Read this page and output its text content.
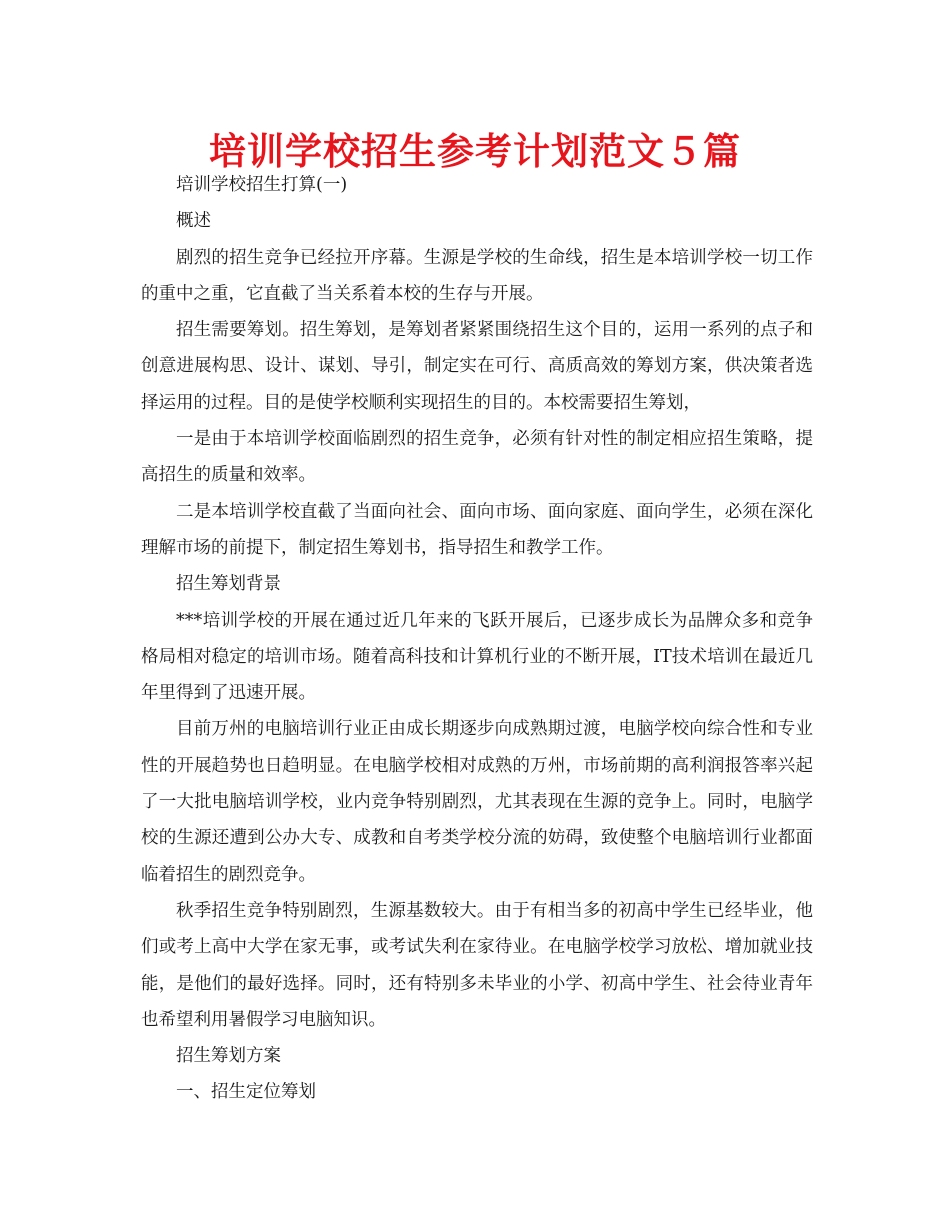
培训学校招生参考计划范文５篇

培训学校招生打算(一)

概述

剧烈的招生竞争已经拉开序幕。生源是学校的生命线，招生是本培训学校一切工作的重中之重，它直截了当关系着本校的生存与开展。

招生需要筹划。招生筹划，是筹划者紧紧围绕招生这个目的，运用一系列的点子和创意进展构思、设计、谋划、导引，制定实在可行、高质高效的筹划方案，供决策者选择运用的过程。目的是使学校顺利实现招生的目的。本校需要招生筹划，

一是由于本培训学校面临剧烈的招生竞争，必须有针对性的制定相应招生策略，提高招生的质量和效率。

二是本培训学校直截了当面向社会、面向市场、面向家庭、面向学生，必须在深化理解市场的前提下，制定招生筹划书，指导招生和教学工作。

招生筹划背景

***培训学校的开展在通过近几年来的飞跃开展后，已逐步成长为品牌众多和竞争格局相对稳定的培训市场。随着高科技和计算机行业的不断开展，IT技术培训在最近几年里得到了迅速开展。

目前万州的电脑培训行业正由成长期逐步向成熟期过渡，电脑学校向综合性和专业性的开展趋势也日趋明显。在电脑学校相对成熟的万州，市场前期的高利润报答率兴起了一大批电脑培训学校，业内竞争特别剧烈，尤其表现在生源的竞争上。同时，电脑学校的生源还遭到公办大专、成教和自考类学校分流的妨碍，致使整个电脑培训行业都面临着招生的剧烈竞争。

秋季招生竞争特别剧烈，生源基数较大。由于有相当多的初高中学生已经毕业，他们或考上高中大学在家无事，或考试失利在家待业。在电脑学校学习放松、增加就业技能，是他们的最好选择。同时，还有特别多未毕业的小学、初高中学生、社会待业青年也希望利用暑假学习电脑知识。

招生筹划方案

一、招生定位筹划
